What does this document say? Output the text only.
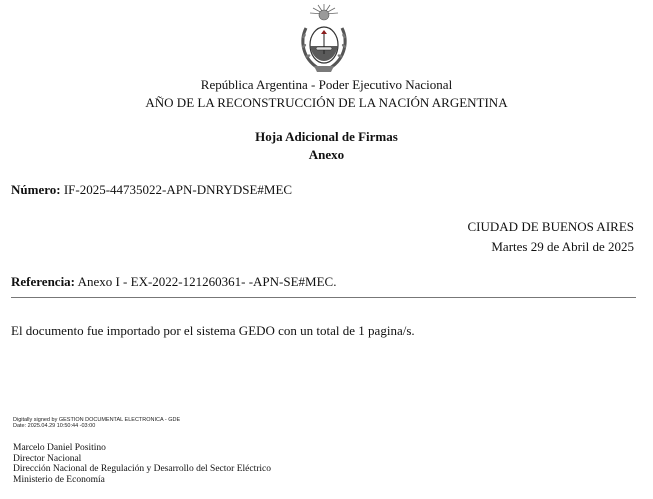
República Argentina - Poder Ejecutivo Nacional
AÑO DE LA RECONSTRUCCIÓN DE LA NACIÓN ARGENTINA
Hoja Adicional de Firmas
Anexo
Número: IF-2025-44735022-APN-DNRYDSE#MEC
CIUDAD DE BUENOS AIRES
Martes 29 de Abril de 2025
Referencia: Anexo I - EX-2022-121260361- -APN-SE#MEC.
El documento fue importado por el sistema GEDO con un total de 1 pagina/s.
Digitally signed by GESTION DOCUMENTAL ELECTRONICA - GDE
Date: 2025.04.29 10:50:44 -03:00
Marcelo Daniel Positino
Director Nacional
Dirección Nacional de Regulación y Desarrollo del Sector Eléctrico
Ministerio de Economía
